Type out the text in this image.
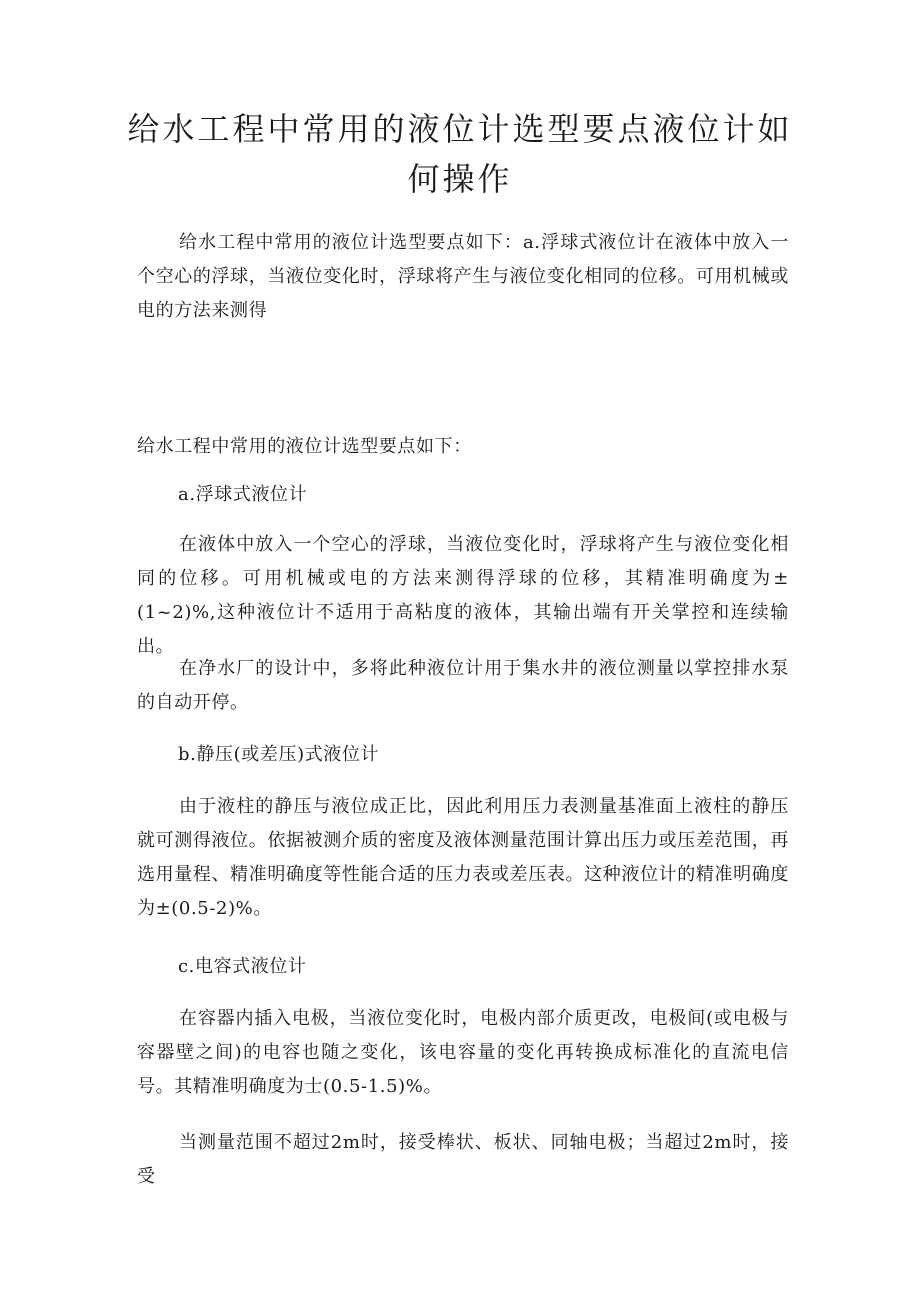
给水工程中常用的液位计选型要点液位计如何操作

给水工程中常用的液位计选型要点如下：a.浮球式液位计在液体中放入一个空心的浮球，当液位变化时，浮球将产生与液位变化相同的位移。可用机械或电的方法来测得

给水工程中常用的液位计选型要点如下：

a.浮球式液位计

在液体中放入一个空心的浮球，当液位变化时，浮球将产生与液位变化相同的位移。可用机械或电的方法来测得浮球的位移，其精准明确度为±(1~2)%,这种液位计不适用于高粘度的液体，其输出端有开关掌控和连续输出。

在净水厂的设计中，多将此种液位计用于集水井的液位测量以掌控排水泵的自动开停。

b.静压(或差压)式液位计

由于液柱的静压与液位成正比，因此利用压力表测量基准面上液柱的静压就可测得液位。依据被测介质的密度及液体测量范围计算出压力或压差范围，再选用量程、精准明确度等性能合适的压力表或差压表。这种液位计的精准明确度为±(0.5-2)%。

c.电容式液位计

在容器内插入电极，当液位变化时，电极内部介质更改，电极间(或电极与容器壁之间)的电容也随之变化，该电容量的变化再转换成标准化的直流电信号。其精准明确度为士(0.5-1.5)%。

当测量范围不超过2m时，接受棒状、板状、同轴电极；当超过2m时，接受
